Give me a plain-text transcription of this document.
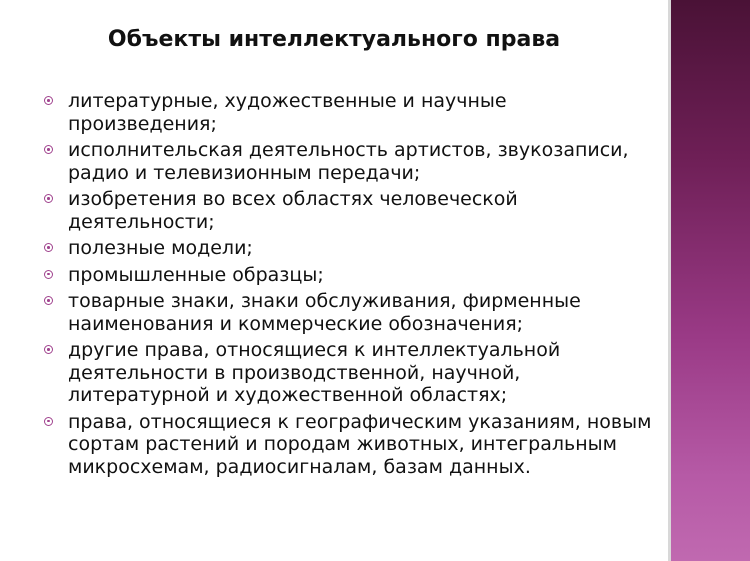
Объекты интеллектуального права
литературные, художественные и научные произведения;
исполнительская деятельность артистов, звукозаписи, радио и телевизионным передачи;
изобретения во всех областях человеческой деятельности;
полезные модели;
промышленные образцы;
товарные знаки, знаки обслуживания, фирменные наименования и коммерческие обозначения;
другие права, относящиеся к интеллектуальной деятельности в производственной, научной, литературной и художественной областях;
права, относящиеся к географическим указаниям, новым сортам растений и породам животных, интегральным микросхемам, радиосигналам, базам данных.
